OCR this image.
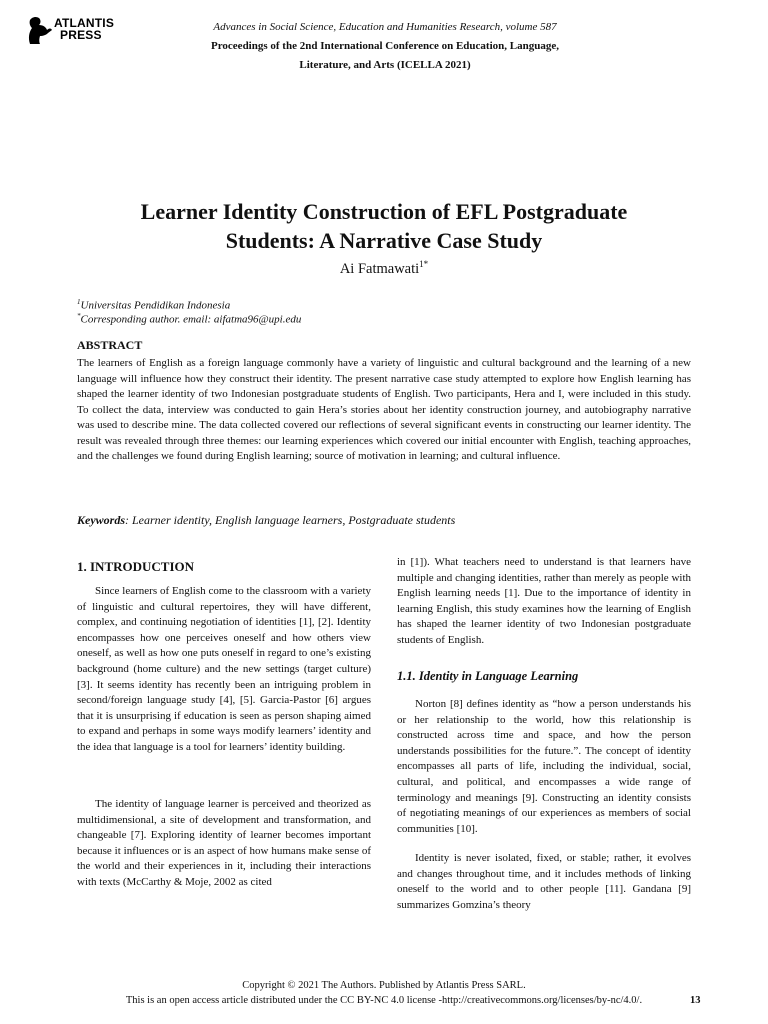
ATLANTIS
PRESS
Advances in Social Science, Education and Humanities Research, volume 587
Proceedings of the 2nd International Conference on Education, Language,
Literature, and Arts (ICELLA 2021)
Learner Identity Construction of EFL Postgraduate
Students: A Narrative Case Study
Ai Fatmawati$^{1*}$
$^1$Universitas Pendidikan Indonesia
*Corresponding author. email: aifatma96@upi.edu
ABSTRACT

The learners of English as a foreign language commonly have a variety of linguistic and cultural background and the learning of a new language will influence how they construct their identity. The present narrative case study attempted to explore how English learning has shaped the learner identity of two Indonesian postgraduate students of English. Two participants, Hera and I, were included in this study. To collect the data, interview was conducted to gain Hera’s stories about her identity construction journey, and autobiography narrative was used to describe mine. The data collected covered our reflections of several significant events in constructing our learner identity. The result was revealed through three themes: our learning experiences which covered our initial encounter with English, teaching approaches, and the challenges we found during English learning; source of motivation in learning; and cultural influence.

Keywords: Learner identity, English language learners, Postgraduate students
1. INTRODUCTION

Since learners of English come to the classroom with a variety of linguistic and cultural repertoires, they will have different, complex, and continuing negotiation of identities [1], [2]. Identity encompasses how one perceives oneself and how others view oneself, as well as how one puts oneself in regard to one’s existing background (home culture) and the new settings (target culture) [3]. It seems identity has recently been an intriguing problem in second/foreign language study [4], [5]. Garcia-Pastor [6] argues that it is unsurprising if education is seen as person shaping aimed to expand and perhaps in some ways modify learners’ identity and the idea that language is a tool for learners’ identity building.

The identity of language learner is perceived and theorized as multidimensional, a site of development and transformation, and changeable [7]. Exploring identity of learner becomes important because it influences or is an aspect of how humans make sense of the world and their experiences in it, including their interactions with texts (McCarthy & Moje, 2002 as cited

in [1]). What teachers need to understand is that learners have multiple and changing identities, rather than merely as people with English learning needs [1]. Due to the importance of identity in learning English, this study examines how the learning of English has shaped the learner identity of two Indonesian postgraduate students of English.

1.1. Identity in Language Learning

Norton [8] defines identity as “how a person understands his or her relationship to the world, how this relationship is constructed across time and space, and how the person understands possibilities for the future.”. The concept of identity encompasses all parts of life, including the individual, social, cultural, and political, and encompasses a wide range of terminology and meanings [9]. Constructing an identity consists of negotiating meanings of our experiences as members of social communities [10].

Identity is never isolated, fixed, or stable; rather, it evolves and changes throughout time, and it includes methods of linking oneself to the world and to other people [11]. Gandana [9] summarizes Gomzina’s theory

Copyright © 2021 The Authors. Published by Atlantis Press SARL.
This is an open access article distributed under the CC BY-NC 4.0 license -http://creativecommons.org/licenses/by-nc/4.0/.	13
